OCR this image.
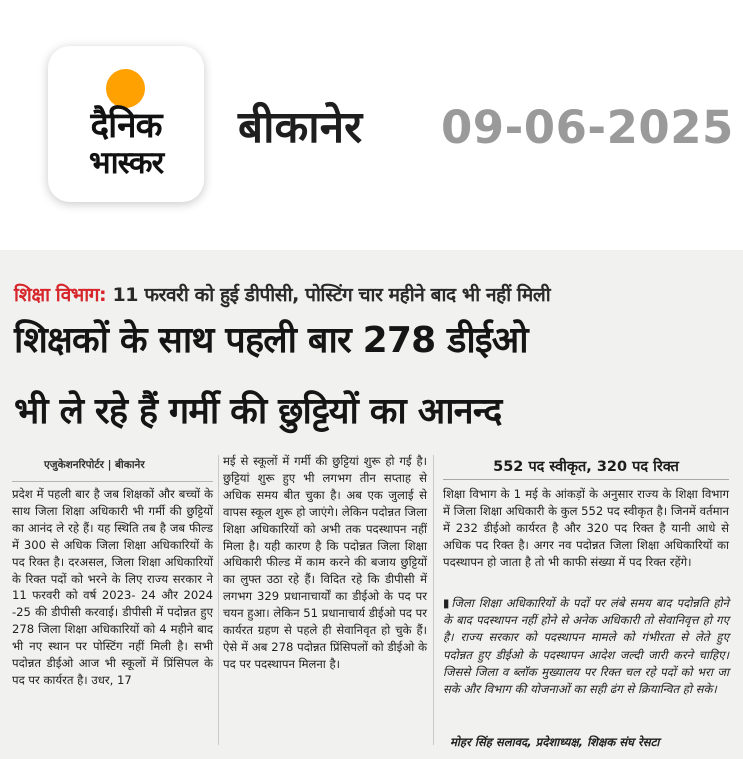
दैनिक
भास्कर
बीकानेर 09-06-2025
शिक्षा विभाग: 11 फरवरी को हुई डीपीसी, पोस्टिंग चार महीने बाद भी नहीं मिली
शिक्षकों के साथ पहली बार 278 डीईओ
भी ले रहे हैं गर्मी की छुट्टियों का आनन्द
एजुकेशनरिपोर्टर | बीकानेर

प्रदेश में पहली बार है जब शिक्षकों और बच्चों के साथ जिला शिक्षा अधिकारी भी गर्मी की छुट्टियों का आनंद ले रहे हैं। यह स्थिति तब है जब फील्ड में 300 से अधिक जिला शिक्षा अधिकारियों के पद रिक्त है। दरअसल, जिला शिक्षा अधिकारियों के रिक्त पदों को भरने के लिए राज्य सरकार ने 11 फरवरी को वर्ष 2023- 24 और 2024 -25 की डीपीसी करवाई। डीपीसी में पदोन्नत हुए 278 जिला शिक्षा अधिकारियों को 4 महीने बाद भी नए स्थान पर पोस्टिंग नहीं मिली है। सभी पदोन्नत डीईओ आज भी स्कूलों में प्रिंसिपल के पद पर कार्यरत है। उधर, 17

मई से स्कूलों में गर्मी की छुट्टियां शुरू हो गई है। छुट्टियां शुरू हुए भी लगभग तीन सप्ताह से अधिक समय बीत चुका है। अब एक जुलाई से वापस स्कूल शुरू हो जाएंगे। लेकिन पदोन्नत जिला शिक्षा अधिकारियों को अभी तक पदस्थापन नहीं मिला है। यही कारण है कि पदोन्नत जिला शिक्षा अधिकारी फील्ड में काम करने की बजाय छुट्टियों का लुफ्त उठा रहे हैं। विदित रहे कि डीपीसी में लगभग 329 प्रधानाचार्यों का डीईओ के पद पर चयन हुआ। लेकिन 51 प्रधानाचार्य डीईओ पद पर कार्यरत ग्रहण से पहले ही सेवानिवृत हो चुके हैं। ऐसे में अब 278 पदोन्नत प्रिंसिपलों को डीईओ के पद पर पदस्थापन मिलना है।

552 पद स्वीकृत, 320 पद रिक्त

शिक्षा विभाग के 1 मई के आंकड़ों के अनुसार राज्य के शिक्षा विभाग में जिला शिक्षा अधिकारी के कुल 552 पद स्वीकृत है। जिनमें वर्तमान में 232 डीईओ कार्यरत है और 320 पद रिक्त है यानी आधे से अधिक पद रिक्त है। अगर नव पदोन्नत जिला शिक्षा अधिकारियों का पदस्थापन हो जाता है तो भी काफी संख्या में पद रिक्त रहेंगे।

▮ जिला शिक्षा अधिकारियों के पदों पर लंबे समय बाद पदोन्नति होने के बाद पदस्थापन नहीं होने से अनेक अधिकारी तो सेवानिवृत्त हो गए है। राज्य सरकार को पदस्थापन मामले को गंभीरता से लेते हुए पदोन्नत हुए डीईओ के पदस्थापन आदेश जल्दी जारी करने चाहिए। जिससे जिला व ब्लॉक मुख्यालय पर रिक्त चल रहे पदों को भरा जा सके और विभाग की योजनाओं का सही ढंग से क्रियान्वित हो सके।

मोहर सिंह सलावद, प्रदेशाध्यक्ष, शिक्षक संघ रेसटा
